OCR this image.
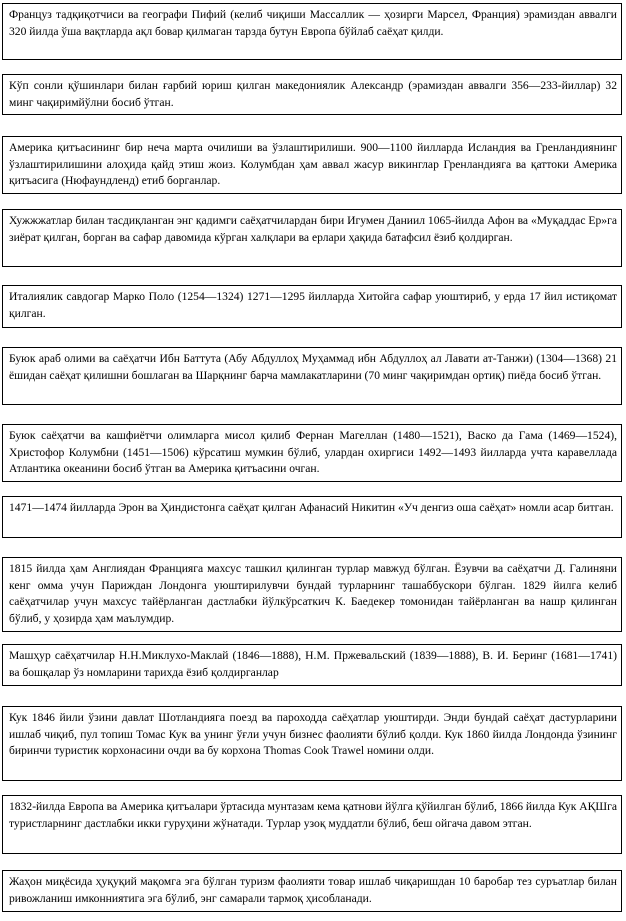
Француз тадқиқотчиси ва географи Пифий (келиб чиқиши Массаллик — ҳозирги Марсел, Франция) эрамиздан аввалги 320 йилда ўша вақтларда ақл бовар қилмаган тарзда бутун Европа бўйлаб саёҳат қилди.

Кўп сонли қўшинлари билан ғарбий юриш қилган македониялик Александр (эрамиздан аввалги 356—233-йиллар) 32 минг чақиримйўлни босиб ўтган.

Америка қитъасининг бир неча марта очилиши ва ўзлаштирилиши. 900—1100 йилларда Исландия ва Гренландиянинг ўзлаштирилишини алоҳида қайд этиш жоиз. Колумбдан ҳам аввал жасур викинглар Гренландияга ва қаттоки Америка қитъасига (Нюфаундленд) етиб борганлар.

Хужжжатлар билан тасдиқланган энг қадимги саёҳатчилардан бири Игумен Даниил 1065-йилда Афон ва «Муқаддас Ер»га зиёрат қилган, борган ва сафар давомида кўрган халқлари ва ерлари ҳақида батафсил ёзиб қолдирган.

Италиялик савдогар Марко Поло (1254—1324) 1271—1295 йилларда Хитойга сафар уюштириб, у ерда 17 йил истиқомат қилган.

Буюк араб олими ва саёҳатчи Ибн Баттута (Абу Абдуллоҳ Муҳаммад ибн Абдуллоҳ ал Лавати ат-Танжи) (1304—1368) 21 ёшидан саёҳат қилишни бошлаган ва Шарқнинг барча мамлакатларини (70 минг чақиримдан ортиқ) пиёда босиб ўтган.

Буюк саёҳатчи ва кашфиётчи олимларга мисол қилиб Фернан Магеллан (1480—1521), Васко да Гама (1469—1524), Христофор Колумбни (1451—1506) кўрсатиш мумкин бўлиб, улардан охиргиси 1492—1493 йилларда учта каравеллада Атлантика океанини босиб ўтган ва Америка қитъасини очган.

1471—1474 йилларда Эрон ва Ҳиндистонга саёҳат қилган Афанасий Никитин «Уч денгиз оша саёҳат» номли асар битган.

1815 йилда ҳам Англиядан Францияга махсус ташкил қилинган турлар мавжуд бўлган. Ёзувчи ва саёҳатчи Д. Галиняни кенг омма учун Париждан Лондонга уюштирилувчи бундай турларнинг ташаббускори бўлган. 1829 йилга келиб саёҳатчилар учун махсус тайёрланган дастлабки йўлкўрсаткич К. Баедекер томонидан тайёрланган ва нашр қилинган бўлиб, у ҳозирда ҳам маълумдир.

Машҳур саёҳатчилар Н.Н.Миклухо-Маклай (1846—1888), Н.М. Пржевальский (1839—1888), В. И. Беринг (1681—1741) ва бошқалар ўз номларини тарихда ёзиб қолдирганлар

Кук 1846 йили ўзини давлат Шотландияга поезд ва пароходда саёҳатлар уюштирди. Энди бундай саёҳат дастурларини ишлаб чиқиб, пул топиш Томас Кук ва унинг ўғли учун бизнес фаолияти бўлиб қолди. Кук 1860 йилда Лондонда ўзининг биринчи туристик корхонасини очди ва бу корхона Thomas Cook Trawel номини олди.

1832-йилда Европа ва Америка қитъалари ўртасида мунтазам кема қатнови йўлга қўйилган бўлиб, 1866 йилда Кук АҚШга туристларнинг дастлабки икки гуруҳини жўнатади. Турлар узоқ муддатли бўлиб, беш ойгача давом этган.

Жаҳон миқёсида ҳуқуқий мақомга эга бўлган туризм фаолияти товар ишлаб чиқаришдан 10 баробар тез суръатлар билан ривожланиш имконниятига эга бўлиб, энг самарали тармоқ ҳисобланади.
